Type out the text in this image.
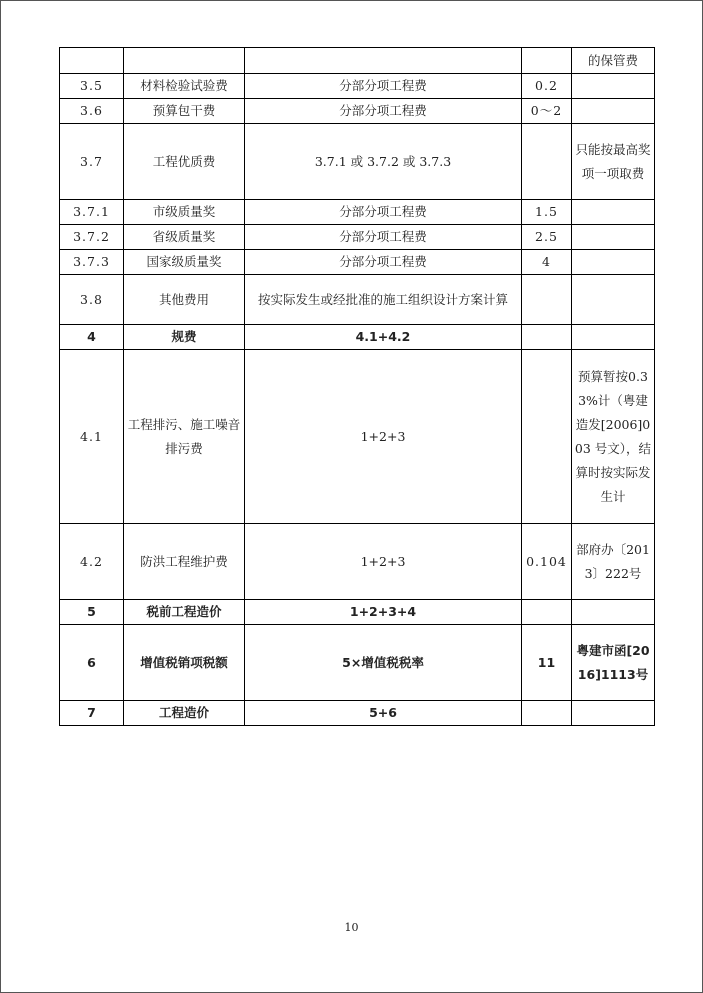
				的保管费
3.5	材料检验试验费	分部分项工程费	0.2	
3.6	预算包干费	分部分项工程费	0～2	
3.7	工程优质费	3.7.1 或 3.7.2 或 3.7.3		只能按最高奖项一项取费
3.7.1	市级质量奖	分部分项工程费	1.5	
3.7.2	省级质量奖	分部分项工程费	2.5	
3.7.3	国家级质量奖	分部分项工程费	4	
3.8	其他费用	按实际发生或经批准的施工组织设计方案计算		
4	规费	4.1+4.2		
4.1	工程排污、施工噪音排污费	1+2+3		预算暂按0.33%计（粤建造发[2006]003 号文），结算时按实际发生计
4.2	防洪工程维护费	1+2+3	0.104	部府办〔2013〕222号
5	税前工程造价	1+2+3+4		
6	增值税销项税额	5×增值税税率	11	粤建市函[2016]1113号
7	工程造价	5+6		
10
